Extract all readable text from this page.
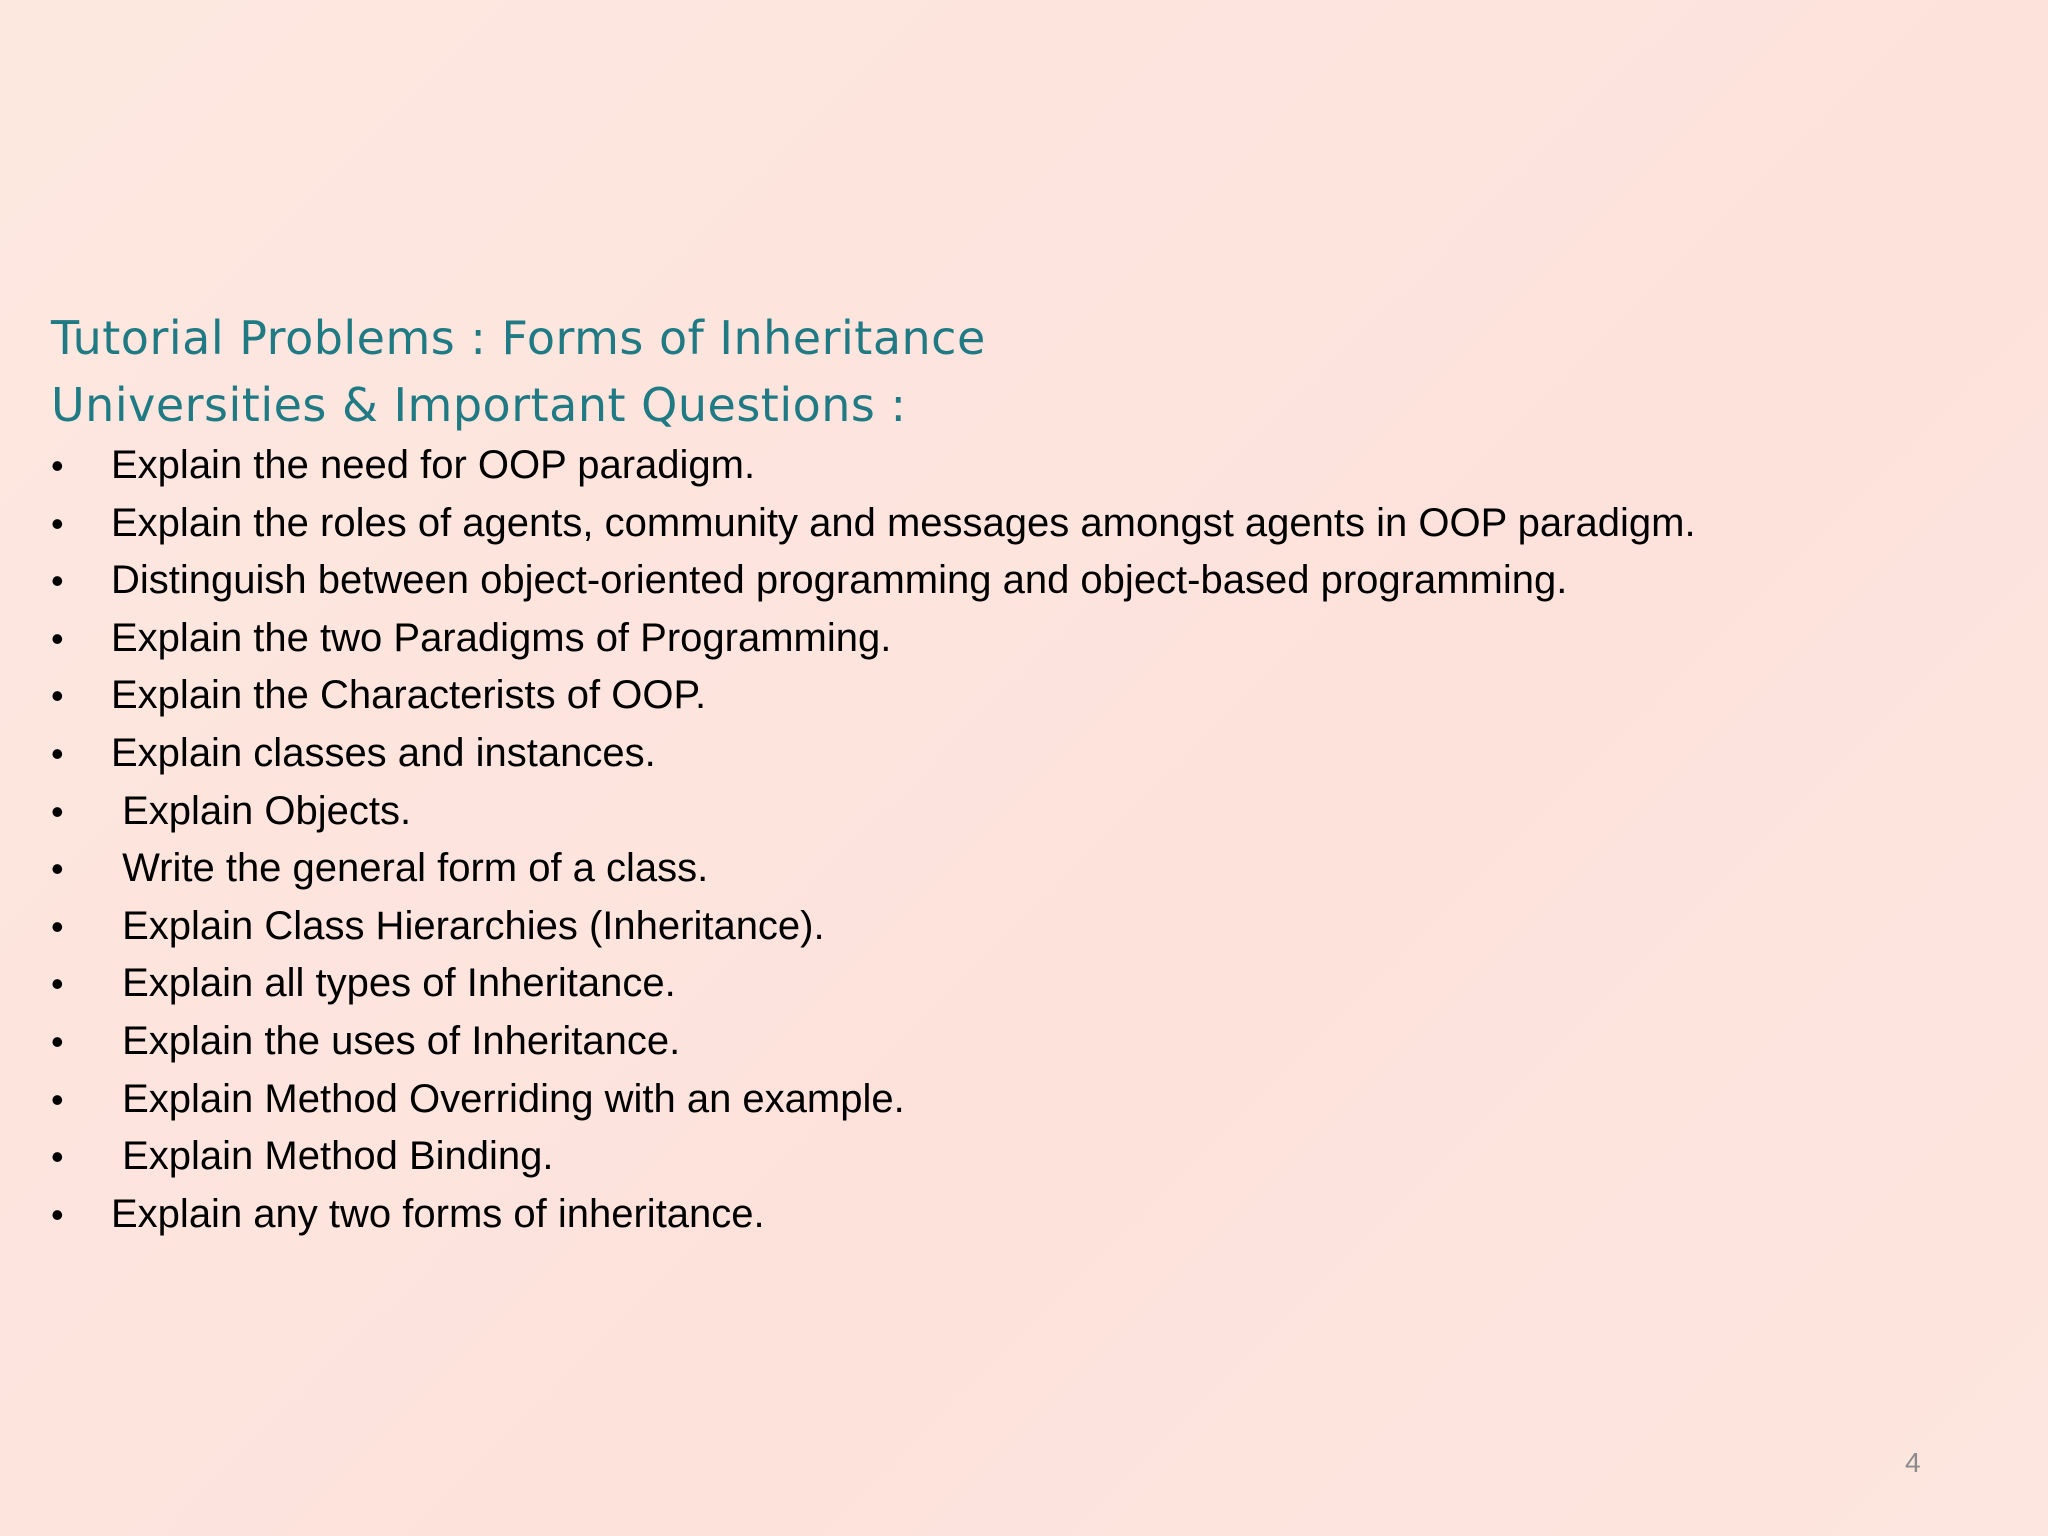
Tutorial Problems : Forms of Inheritance
Universities & Important Questions :
• Explain the need for OOP paradigm.
• Explain the roles of agents, community and messages amongst agents in OOP paradigm.
• Distinguish between object-oriented programming and object-based programming.
• Explain the two Paradigms of Programming.
• Explain the Characterists of OOP.
• Explain classes and instances.
• Explain Objects.
• Write the general form of a class.
• Explain Class Hierarchies (Inheritance).
• Explain all types of Inheritance.
• Explain the uses of Inheritance.
• Explain Method Overriding with an example.
• Explain Method Binding.
• Explain any two forms of inheritance.
4
